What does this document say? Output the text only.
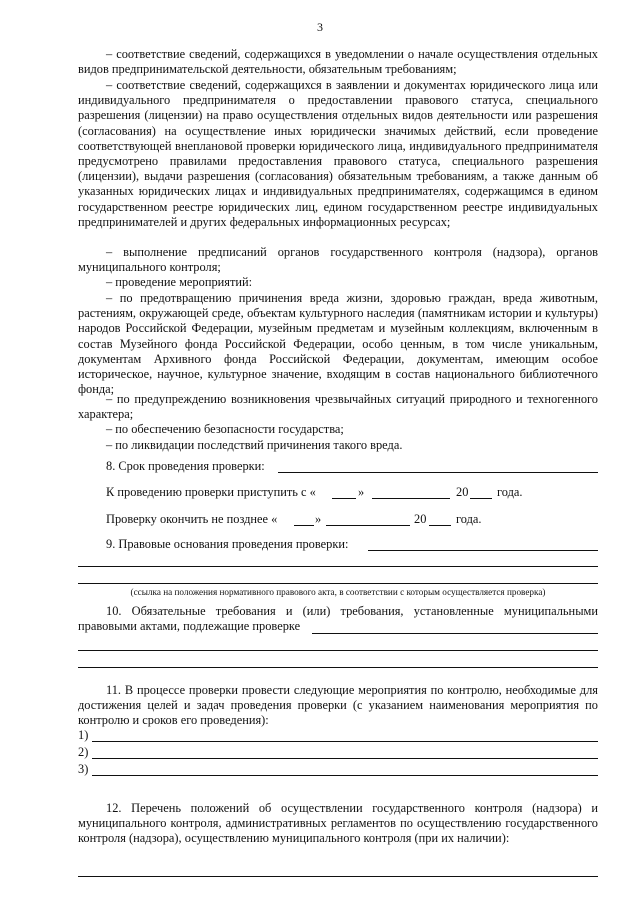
3
– соответствие сведений, содержащихся в уведомлении о начале осуществления отдельных видов предпринимательской деятельности, обязательным требованиям;
– соответствие сведений, содержащихся в заявлении и документах юридического лица или индивидуального предпринимателя о предоставлении правового статуса, специального разрешения (лицензии) на право осуществления отдельных видов деятельности или разрешения (согласования) на осуществление иных юридически значимых действий, если проведение соответствующей внеплановой проверки юридического лица, индивидуального предпринимателя предусмотрено правилами предоставления правового статуса, специального разрешения (лицензии), выдачи разрешения (согласования) обязательным требованиям, а также данным об указанных юридических лицах и индивидуальных предпринимателях, содержащимся в едином государственном реестре юридических лиц, едином государственном реестре индивидуальных предпринимателей и других федеральных информационных ресурсах;
– выполнение предписаний органов государственного контроля (надзора), органов муниципального контроля;
– проведение мероприятий:
– по предотвращению причинения вреда жизни, здоровью граждан, вреда животным, растениям, окружающей среде, объектам культурного наследия (памятникам истории и культуры) народов Российской Федерации, музейным предметам и музейным коллекциям, включенным в состав Музейного фонда Российской Федерации, особо ценным, в том числе уникальным, документам Архивного фонда Российской Федерации, документам, имеющим особое историческое, научное, культурное значение, входящим в состав национального библиотечного фонда;
– по предупреждению возникновения чрезвычайных ситуаций природного и техногенного характера;
– по обеспечению безопасности государства;
– по ликвидации последствий причинения такого вреда.
8. Срок проведения проверки:
К проведению проверки приступить с «	»	20 года.
Проверку окончить не позднее «	»	20 года.
9. Правовые основания проведения проверки:
(ссылка на положения нормативного правового акта, в соответствии с которым осуществляется проверка)
10. Обязательные требования и (или) требования, установленные муниципальными правовыми актами, подлежащие проверке
11. В процессе проверки провести следующие мероприятия по контролю, необходимые для достижения целей и задач проведения проверки (с указанием наименования мероприятия по контролю и сроков его проведения):
1)
2)
3)
12. Перечень положений об осуществлении государственного контроля (надзора) и муниципального контроля, административных регламентов по осуществлению государственного контроля (надзора), осуществлению муниципального контроля (при их наличии):
